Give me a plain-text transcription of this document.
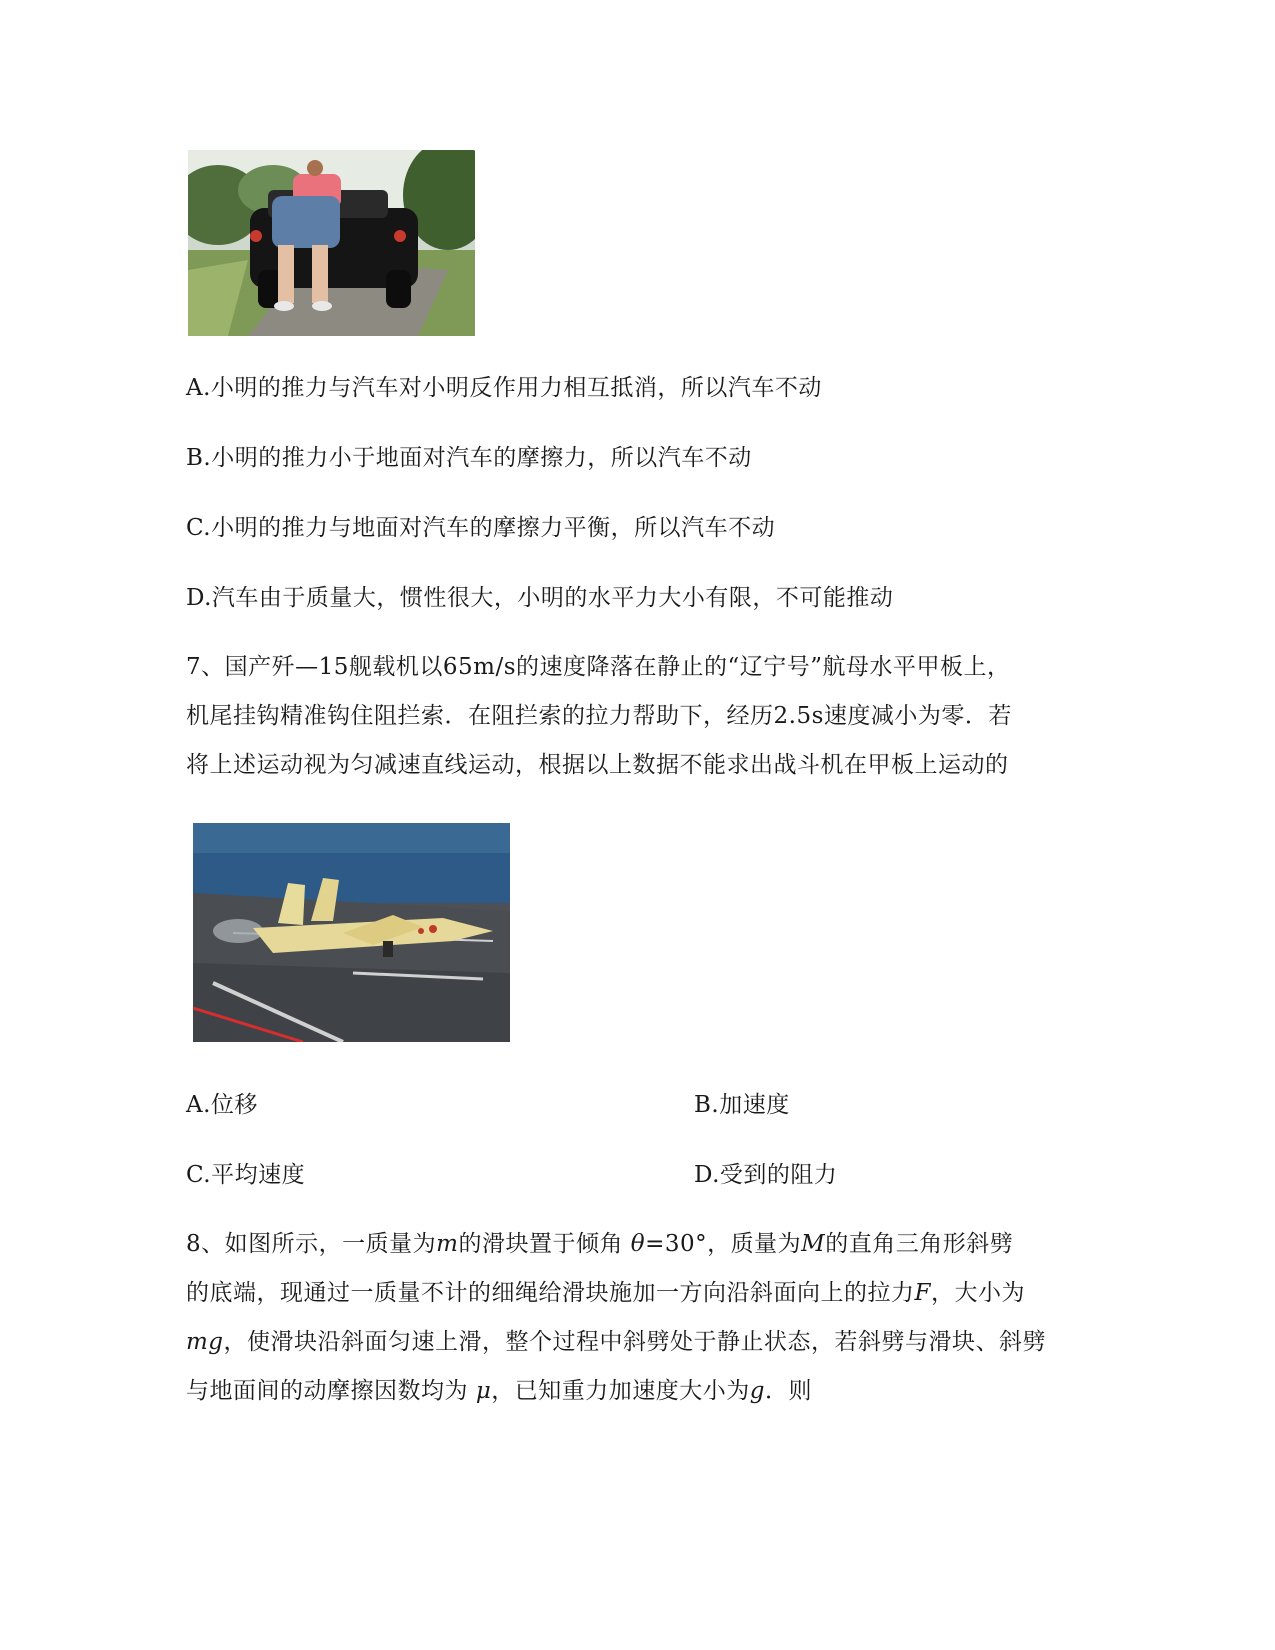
A.小明的推力与汽车对小明反作用力相互抵消，所以汽车不动
B.小明的推力小于地面对汽车的摩擦力，所以汽车不动
C.小明的推力与地面对汽车的摩擦力平衡，所以汽车不动
D.汽车由于质量大，惯性很大，小明的水平力大小有限，不可能推动
7、国产歼—15舰载机以65m/s的速度降落在静止的“辽宁号”航母水平甲板上，
机尾挂钩精准钩住阻拦索．在阻拦索的拉力帮助下，经历2.5s速度减小为零．若
将上述运动视为匀减速直线运动，根据以上数据不能求出战斗机在甲板上运动的
A.位移	B.加速度
C.平均速度	D.受到的阻力
8、如图所示，一质量为m的滑块置于倾角 θ=30°，质量为M的直角三角形斜劈
的底端，现通过一质量不计的细绳给滑块施加一方向沿斜面向上的拉力F，大小为
mg，使滑块沿斜面匀速上滑，整个过程中斜劈处于静止状态，若斜劈与滑块、斜劈
与地面间的动摩擦因数均为 μ，已知重力加速度大小为g．则
